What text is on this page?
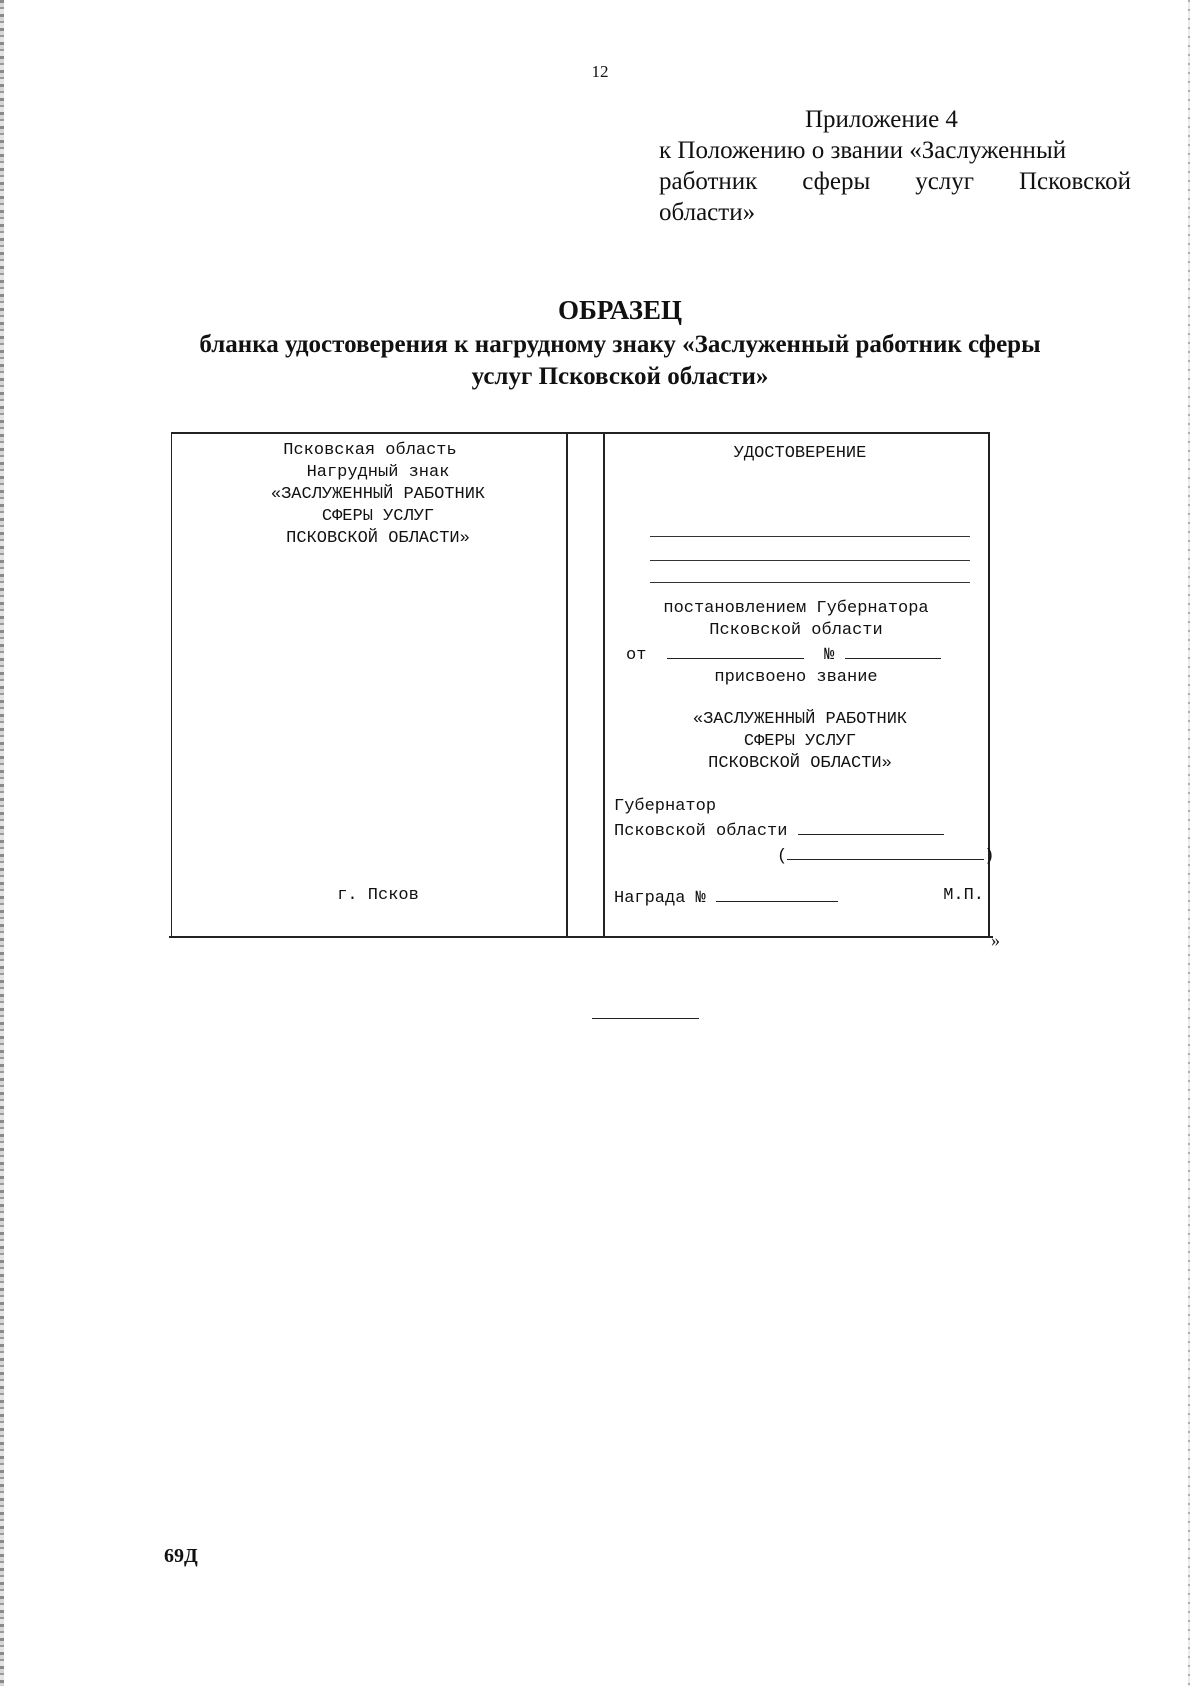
12
Приложение 4
к Положению о звании «Заслуженный
работник сферы услуг Псковской
области»
ОБРАЗЕЦ
бланка удостоверения к нагрудному знаку «Заслуженный работник сферы
услуг Псковской области»
Псковская область
Нагрудный знак
«ЗАСЛУЖЕННЫЙ РАБОТНИК
СФЕРЫ УСЛУГ
ПСКОВСКОЙ ОБЛАСТИ»
г. Псков
УДОСТОВЕРЕНИЕ
постановлением Губернатора
Псковской области
от	№
присвоено звание
«ЗАСЛУЖЕННЫЙ РАБОТНИК
СФЕРЫ УСЛУГ
ПСКОВСКОЙ ОБЛАСТИ»
Губернатор
Псковской области
(	)
Награда №	М.П.
»
69Д
